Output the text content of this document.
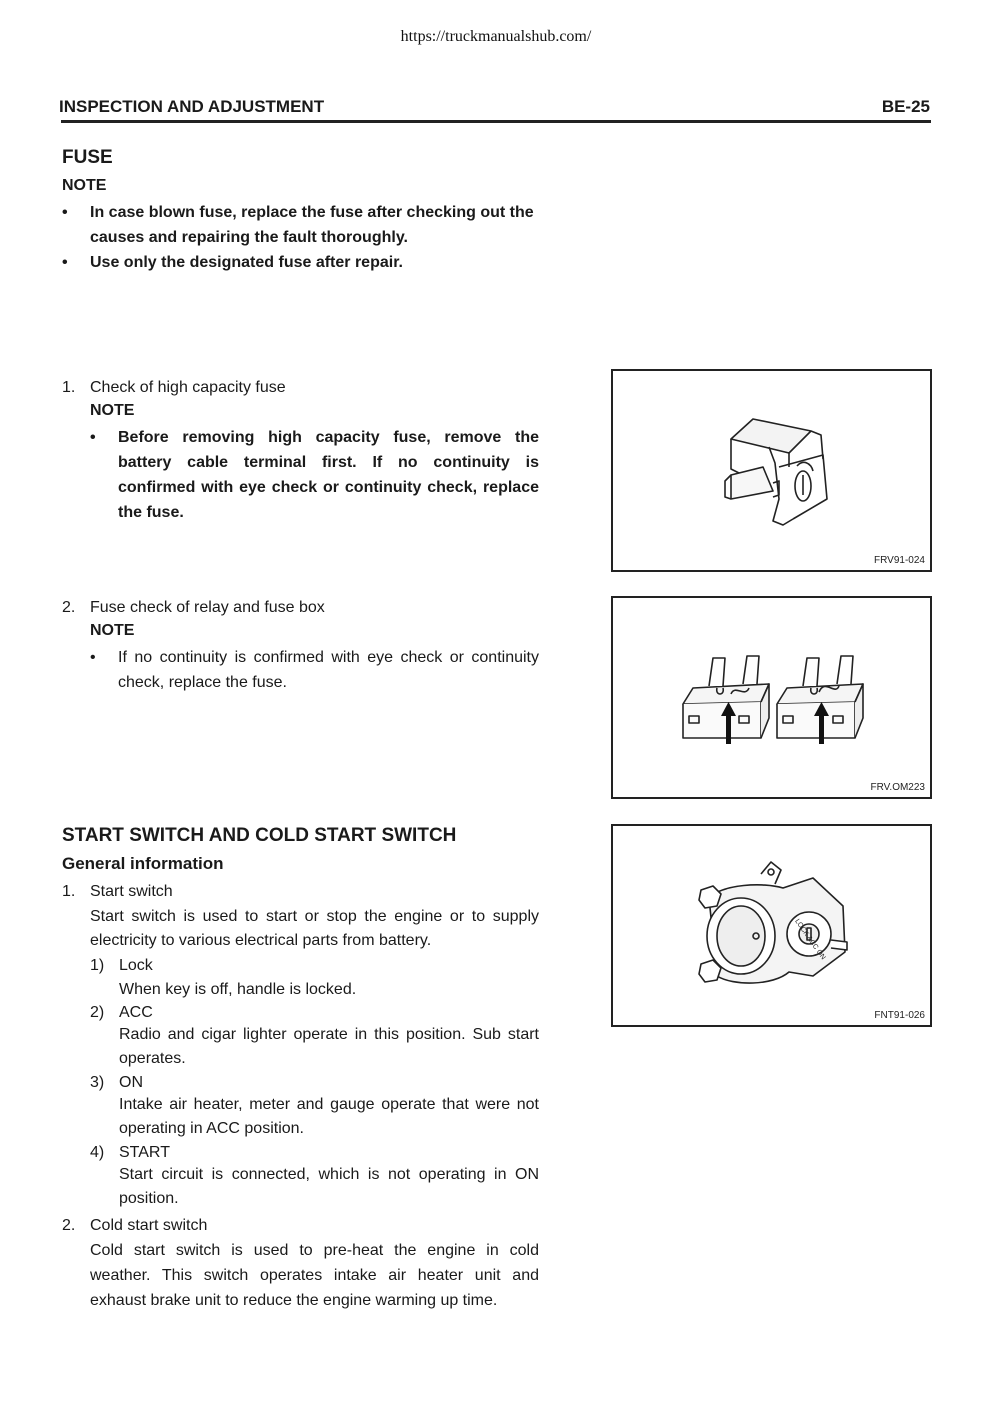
https://truckmanualshub.com/
INSPECTION AND ADJUSTMENT	BE-25
FUSE
NOTE
• In case blown fuse, replace the fuse after checking out the causes and repairing the fault thoroughly.
• Use only the designated fuse after repair.
1. Check of high capacity fuse
NOTE
• Before removing high capacity fuse, remove the battery cable terminal first. If no continuity is confirmed with eye check or continuity check, replace the fuse.
2. Fuse check of relay and fuse box
NOTE
• If no continuity is confirmed with eye check or continuity check, replace the fuse.
START SWITCH AND COLD START SWITCH
General information
1. Start switch
Start switch is used to start or stop the engine or to supply electricity to various electrical parts from battery.
1) Lock
When key is off, handle is locked.
2) ACC
Radio and cigar lighter operate in this position. Sub start operates.
3) ON
Intake air heater, meter and gauge operate that were not operating in ACC position.
4) START
Start circuit is connected, which is not operating in ON position.
2. Cold start switch
Cold start switch is used to pre-heat the engine in cold weather. This switch operates intake air heater unit and exhaust brake unit to reduce the engine warming up time.
FRV91-024
FRV.OM223
LOCK ACC ON
FNT91-026
